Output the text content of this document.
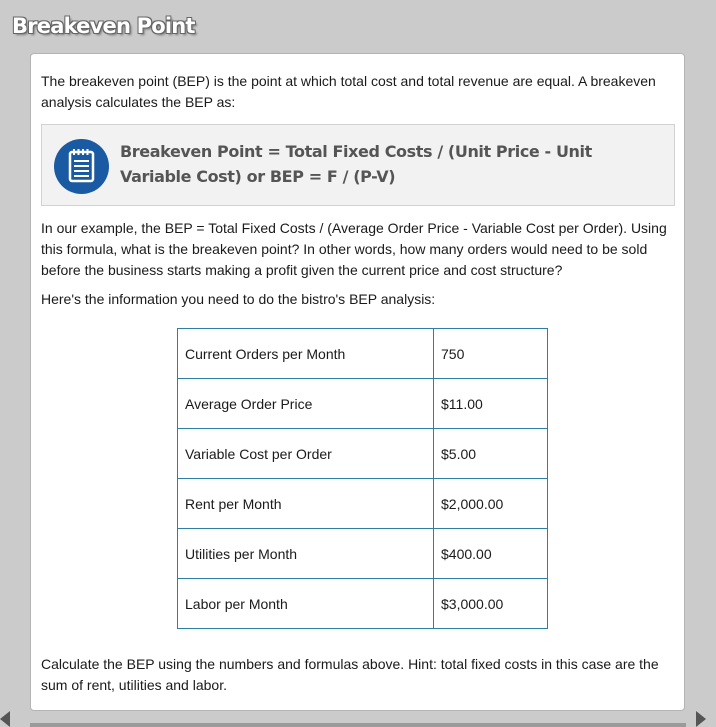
Breakeven Point
The breakeven point (BEP) is the point at which total cost and total revenue are equal. A breakeven analysis calculates the BEP as:
Breakeven Point = Total Fixed Costs / (Unit Price - Unit Variable Cost) or BEP = F / (P-V)
In our example, the BEP = Total Fixed Costs / (Average Order Price - Variable Cost per Order). Using this formula, what is the breakeven point? In other words, how many orders would need to be sold before the business starts making a profit given the current price and cost structure?
Here's the information you need to do the bistro's BEP analysis:
Current Orders per Month	750
Average Order Price	$11.00
Variable Cost per Order	$5.00
Rent per Month	$2,000.00
Utilities per Month	$400.00
Labor per Month	$3,000.00
Calculate the BEP using the numbers and formulas above. Hint: total fixed costs in this case are the sum of rent, utilities and labor.
